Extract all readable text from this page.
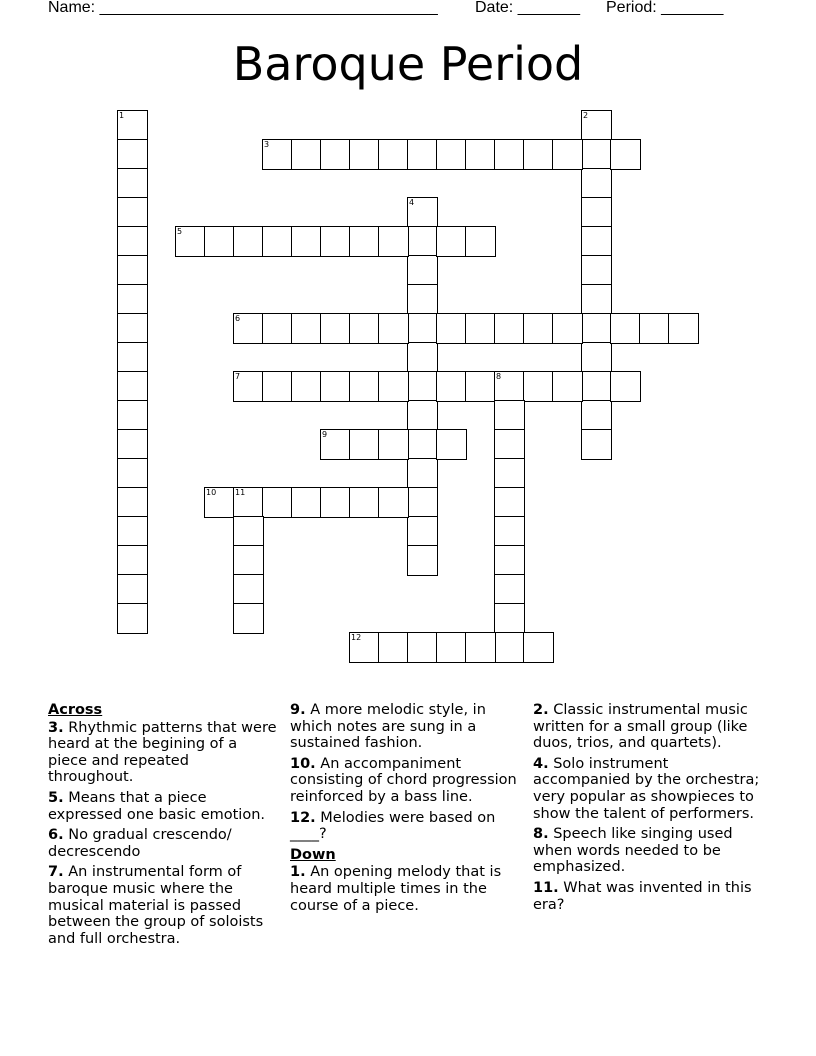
Name: ______________________________________ Date: _______ Period: _______
Baroque Period
1	2
3
4
5
6
7	8
9
10 11
12
Across

3. Rhythmic patterns that were heard at the begining of a piece and repeated throughout.

5. Means that a piece expressed one basic emotion.

6. No gradual crescendo/ decrescendo

7. An instrumental form of baroque music where the musical material is passed between the group of soloists and full orchestra.

9. A more melodic style, in which notes are sung in a sustained fashion.

10. An accompaniment consisting of chord progression reinforced by a bass line.

12. Melodies were based on ____?

Down

1. An opening melody that is heard multiple times in the course of a piece.

2. Classic instrumental music written for a small group (like duos, trios, and quartets).

4. Solo instrument accompanied by the orchestra; very popular as showpieces to show the talent of performers.

8. Speech like singing used when words needed to be emphasized.

11. What was invented in this era?
